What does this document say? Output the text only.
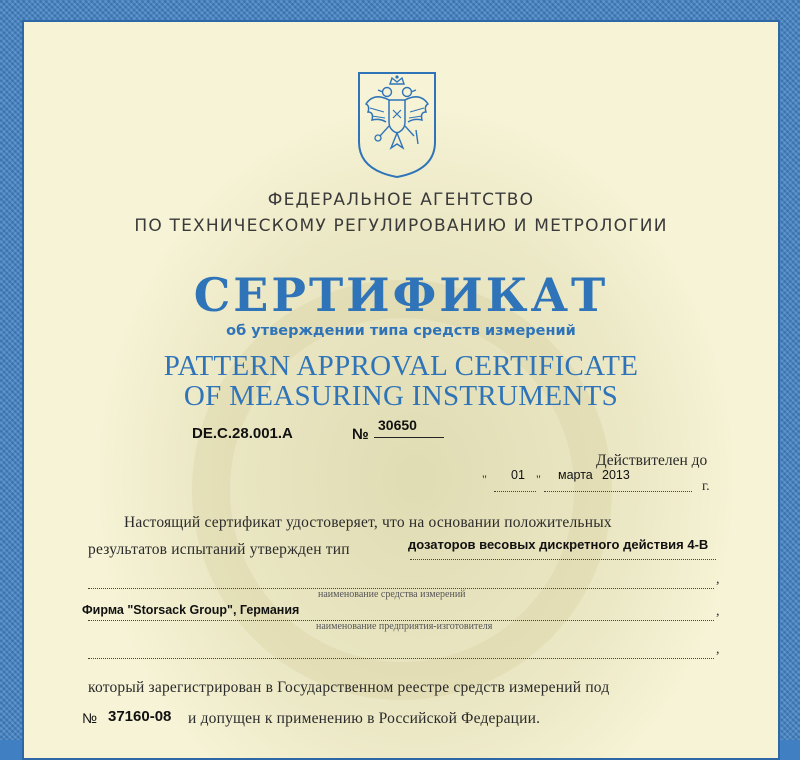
ФЕДЕРАЛЬНОЕ АГЕНТСТВО
ПО ТЕХНИЧЕСКОМУ РЕГУЛИРОВАНИЮ И МЕТРОЛОГИИ
СЕРТИФИКАТ
об утверждении типа средств измерений
PATTERN APPROVAL CERTIFICATE
OF MEASURING INSTRUMENTS
DE.C.28.001.A	№
30650
Действителен до
" 01 " марта 2013
г.
Настоящий сертификат удостоверяет, что на основании положительных
результатов испытаний утвержден тип	дозаторов весовых дискретного действия 4-В
,
наименование средства измерений
Фирма "Storsack Group", Германия	,
наименование предприятия-изготовителя
,
который зарегистрирован в Государственном реестре средств измерений под
№ 37160-08 и допущен к применению в Российской Федерации.
